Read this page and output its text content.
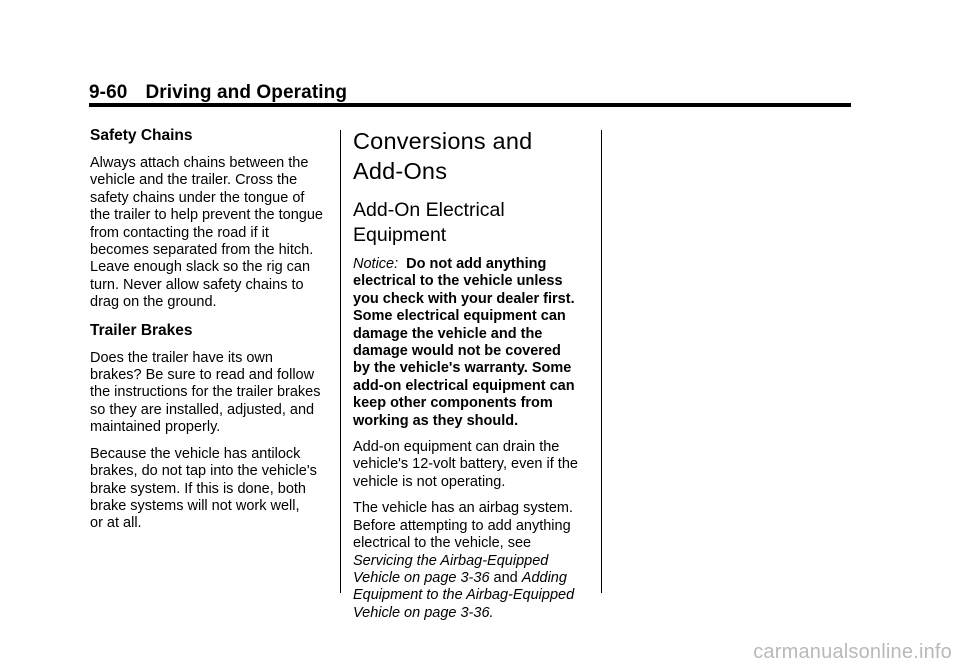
9-60 Driving and Operating
Safety Chains

Always attach chains between the
vehicle and the trailer. Cross the
safety chains under the tongue of
the trailer to help prevent the tongue
from contacting the road if it
becomes separated from the hitch.
Leave enough slack so the rig can
turn. Never allow safety chains to
drag on the ground.

Trailer Brakes

Does the trailer have its own
brakes? Be sure to read and follow
the instructions for the trailer brakes
so they are installed, adjusted, and
maintained properly.

Because the vehicle has antilock
brakes, do not tap into the vehicle's
brake system. If this is done, both
brake systems will not work well,
or at all.

Conversions and
Add-Ons
Add-On Electrical
Equipment

Notice: Do not add anything
electrical to the vehicle unless
you check with your dealer first.
Some electrical equipment can
damage the vehicle and the
damage would not be covered
by the vehicle's warranty. Some
add-on electrical equipment can
keep other components from
working as they should.

Add-on equipment can drain the
vehicle's 12-volt battery, even if the
vehicle is not operating.

The vehicle has an airbag system.
Before attempting to add anything
electrical to the vehicle, see
Servicing the Airbag-Equipped
Vehicle on page 3-36 and Adding
Equipment to the Airbag-Equipped
Vehicle on page 3-36.

carmanualsonline.info
